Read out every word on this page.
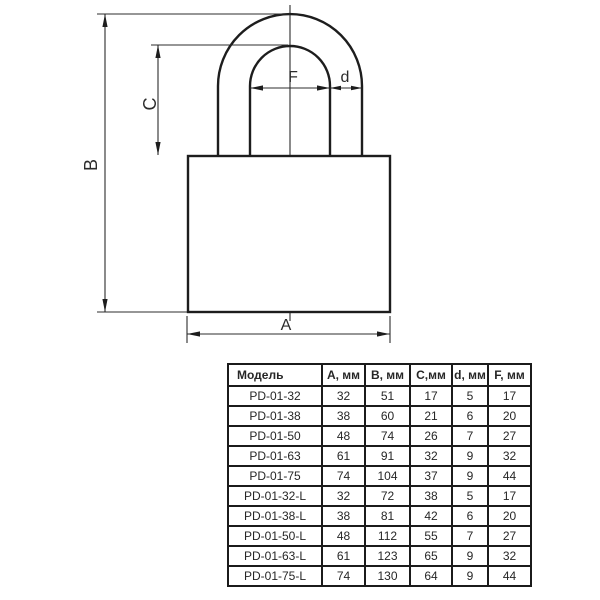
B
C
F	d
A
Модель	A, мм	B, мм	C,мм	d, мм	F, мм
PD-01-32	32	51	17	5	17
PD-01-38	38	60	21	6	20
PD-01-50	48	74	26	7	27
PD-01-63	61	91	32	9	32
PD-01-75	74	104	37	9	44
PD-01-32-L	32	72	38	5	17
PD-01-38-L	38	81	42	6	20
PD-01-50-L	48	112	55	7	27
PD-01-63-L	61	123	65	9	32
PD-01-75-L	74	130	64	9	44
